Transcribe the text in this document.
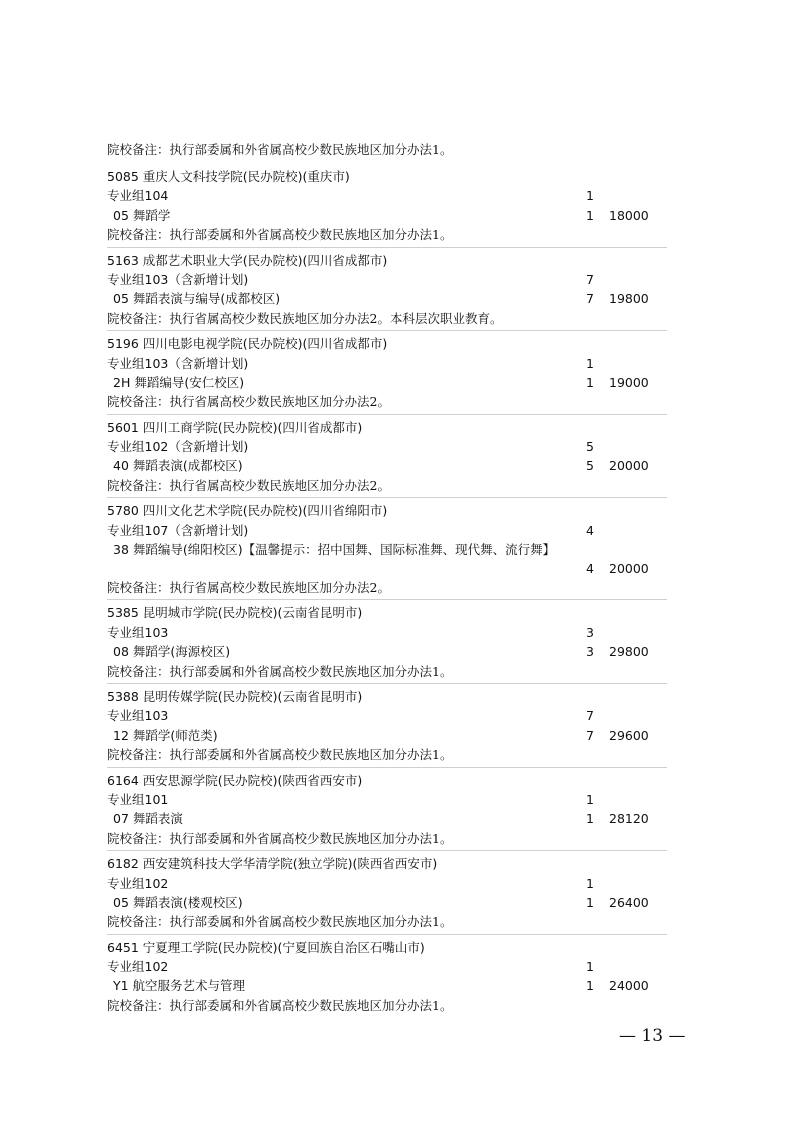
院校备注：执行部委属和外省属高校少数民族地区加分办法1。
5085 重庆人文科技学院(民办院校)(重庆市)
专业组104	1
05 舞蹈学	1 18000
院校备注：执行部委属和外省属高校少数民族地区加分办法1。
5163 成都艺术职业大学(民办院校)(四川省成都市)
专业组103（含新增计划)	7
05 舞蹈表演与编导(成都校区)	7 19800
院校备注：执行省属高校少数民族地区加分办法2。本科层次职业教育。
5196 四川电影电视学院(民办院校)(四川省成都市)
专业组103（含新增计划)	1
2H 舞蹈编导(安仁校区)	1 19000
院校备注：执行省属高校少数民族地区加分办法2。
5601 四川工商学院(民办院校)(四川省成都市)
专业组102（含新增计划)	5
40 舞蹈表演(成都校区)	5 20000
院校备注：执行省属高校少数民族地区加分办法2。
5780 四川文化艺术学院(民办院校)(四川省绵阳市)
专业组107（含新增计划)	4
38 舞蹈编导(绵阳校区)【温馨提示：招中国舞、国际标准舞、现代舞、流行舞】
4 20000
院校备注：执行省属高校少数民族地区加分办法2。
5385 昆明城市学院(民办院校)(云南省昆明市)
专业组103	3
08 舞蹈学(海源校区)	3 29800
院校备注：执行部委属和外省属高校少数民族地区加分办法1。
5388 昆明传媒学院(民办院校)(云南省昆明市)
专业组103	7
12 舞蹈学(师范类)	7 29600
院校备注：执行部委属和外省属高校少数民族地区加分办法1。
6164 西安思源学院(民办院校)(陕西省西安市)
专业组101	1
07 舞蹈表演	1 28120
院校备注：执行部委属和外省属高校少数民族地区加分办法1。
6182 西安建筑科技大学华清学院(独立学院)(陕西省西安市)
专业组102	1
05 舞蹈表演(楼观校区)	1 26400
院校备注：执行部委属和外省属高校少数民族地区加分办法1。
6451 宁夏理工学院(民办院校)(宁夏回族自治区石嘴山市)
专业组102	1
Y1 航空服务艺术与管理	1 24000
院校备注：执行部委属和外省属高校少数民族地区加分办法1。
— 13 —
